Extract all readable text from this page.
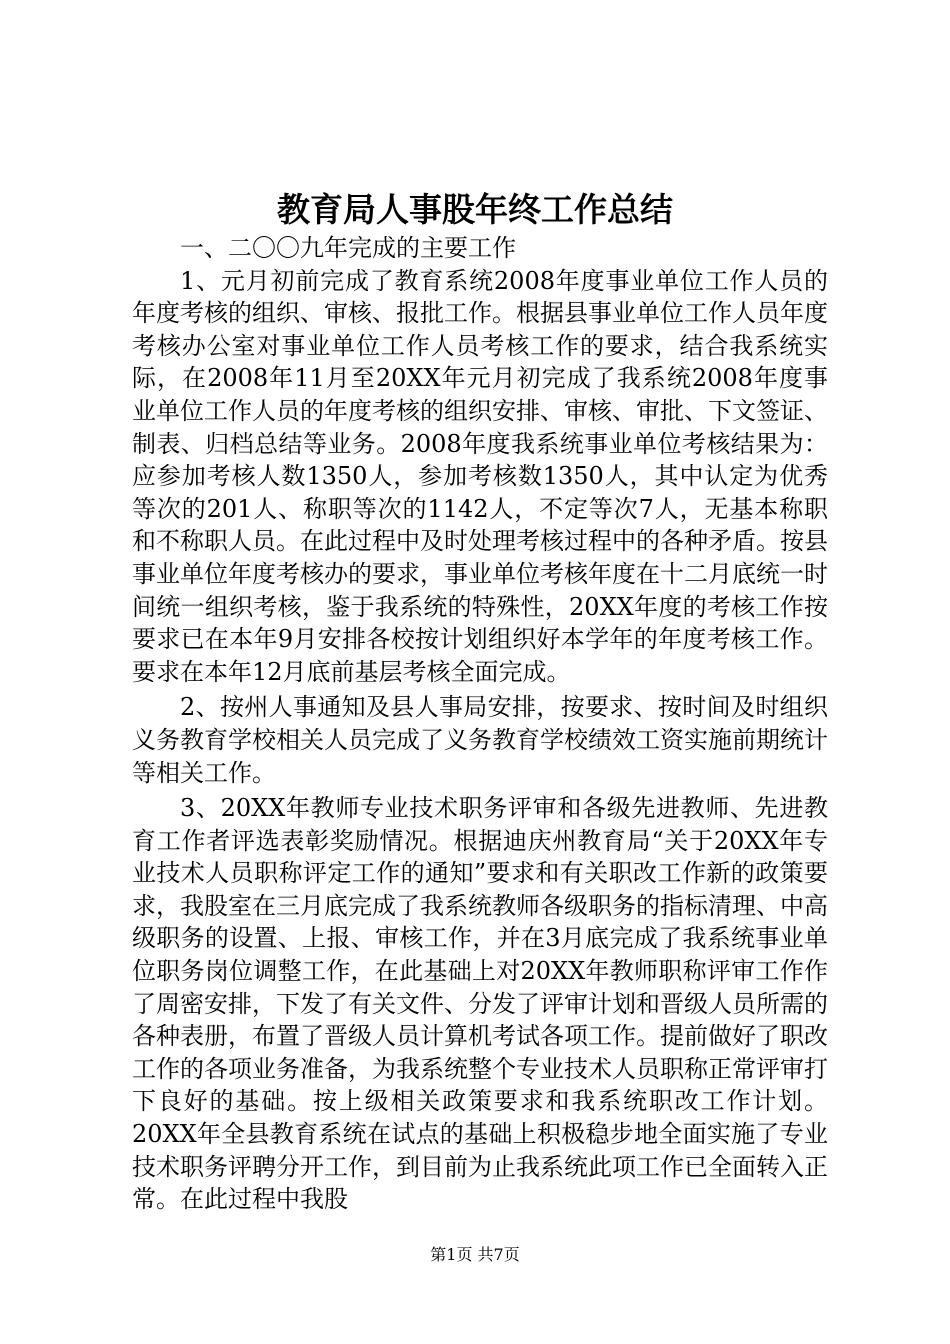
教育局人事股年终工作总结

一、二〇〇九年完成的主要工作

1、元月初前完成了教育系统2008年度事业单位工作人员的年度考核的组织、审核、报批工作。根据县事业单位工作人员年度考核办公室对事业单位工作人员考核工作的要求，结合我系统实际，在2008年11月至20XX年元月初完成了我系统2008年度事业单位工作人员的年度考核的组织安排、审核、审批、下文签证、制表、归档总结等业务。2008年度我系统事业单位考核结果为：应参加考核人数1350人，参加考核数1350人，其中认定为优秀等次的201人、称职等次的1142人，不定等次7人，无基本称职和不称职人员。在此过程中及时处理考核过程中的各种矛盾。按县事业单位年度考核办的要求，事业单位考核年度在十二月底统一时间统一组织考核，鉴于我系统的特殊性，20XX年度的考核工作按要求已在本年9月安排各校按计划组织好本学年的年度考核工作。要求在本年12月底前基层考核全面完成。

2、按州人事通知及县人事局安排，按要求、按时间及时组织义务教育学校相关人员完成了义务教育学校绩效工资实施前期统计等相关工作。

3、20XX年教师专业技术职务评审和各级先进教师、先进教育工作者评选表彰奖励情况。根据迪庆州教育局“关于20XX年专业技术人员职称评定工作的通知”要求和有关职改工作新的政策要求，我股室在三月底完成了我系统教师各级职务的指标清理、中高级职务的设置、上报、审核工作，并在3月底完成了我系统事业单位职务岗位调整工作，在此基础上对20XX年教师职称评审工作作了周密安排，下发了有关文件、分发了评审计划和晋级人员所需的各种表册，布置了晋级人员计算机考试各项工作。提前做好了职改工作的各项业务准备，为我系统整个专业技术人员职称正常评审打下良好的基础。按上级相关政策要求和我系统职改工作计划。20XX年全县教育系统在试点的基础上积极稳步地全面实施了专业技术职务评聘分开工作，到目前为止我系统此项工作已全面转入正常。在此过程中我股

第1页 共7页
